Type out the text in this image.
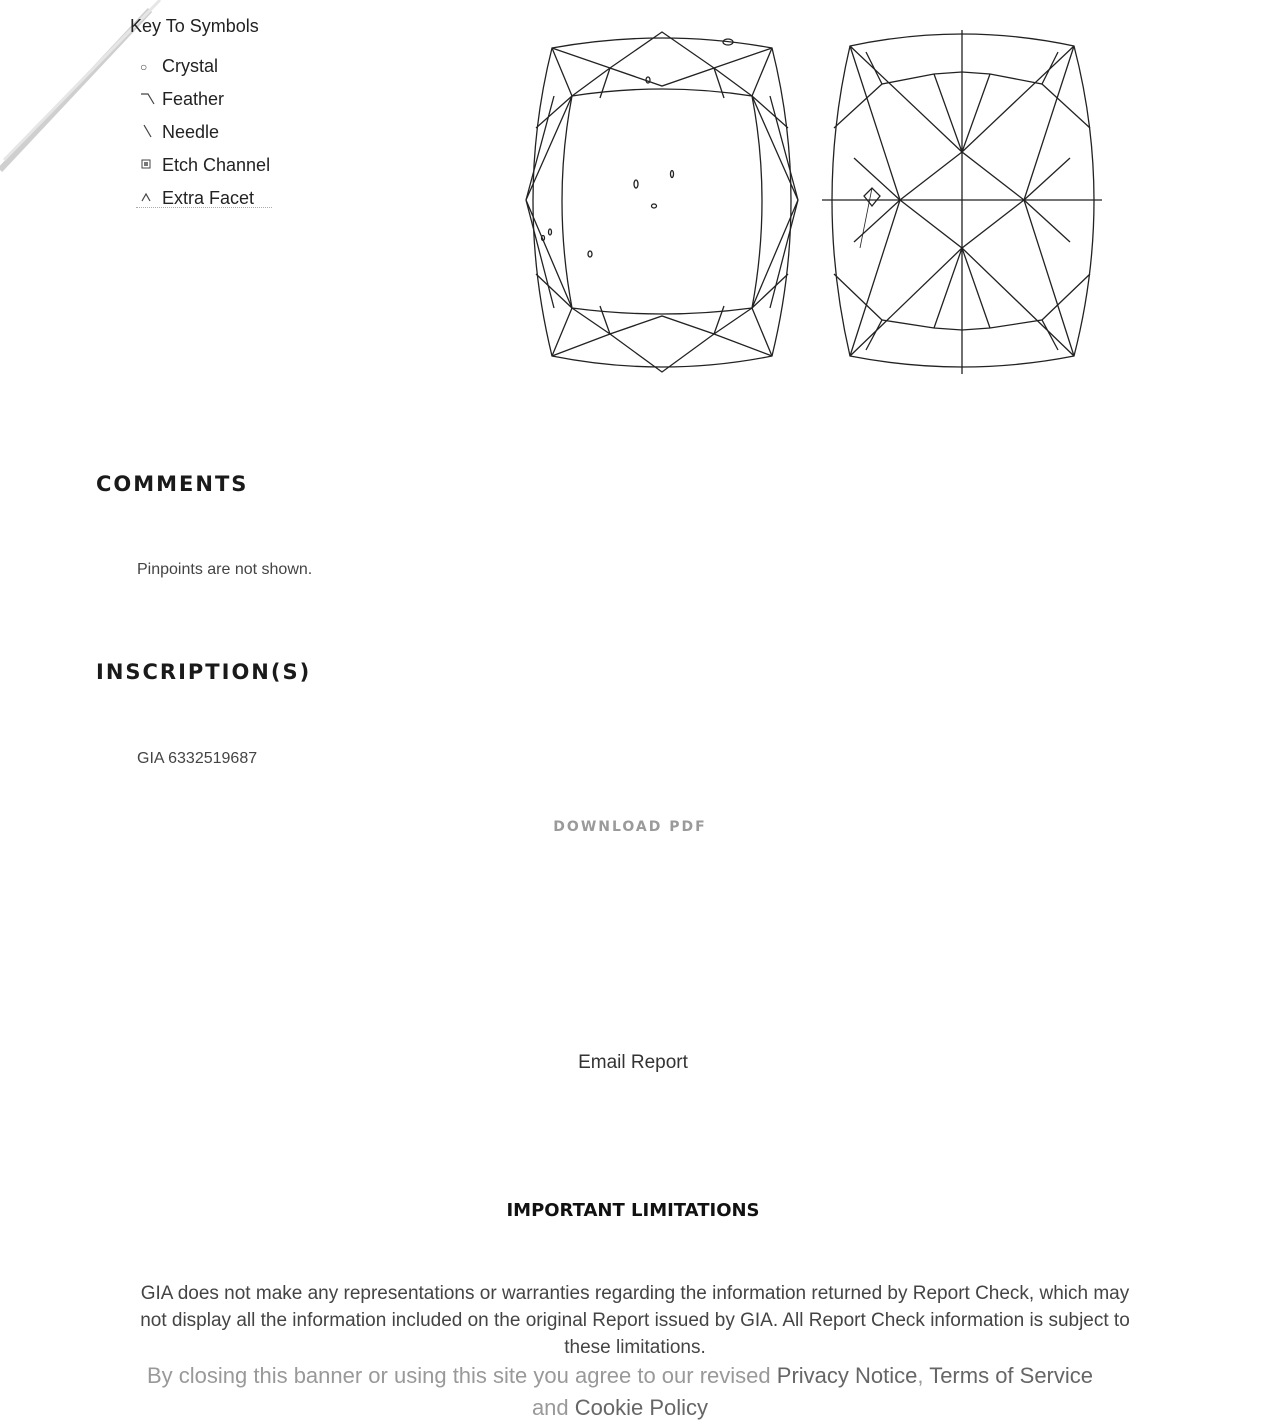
Key To Symbols
○ Crystal
Feather
Needle
Etch Channel
Extra Facet
COMMENTS
Pinpoints are not shown.
INSCRIPTION(S)
GIA 6332519687
DOWNLOAD PDF
Email Report
IMPORTANT LIMITATIONS
GIA does not make any representations or warranties regarding the information returned by Report Check, which may not display all the information included on the original Report issued by GIA. All Report Check information is subject to these limitations.
By closing this banner or using this site you agree to our revised Privacy Notice, Terms of Service and Cookie Policy
